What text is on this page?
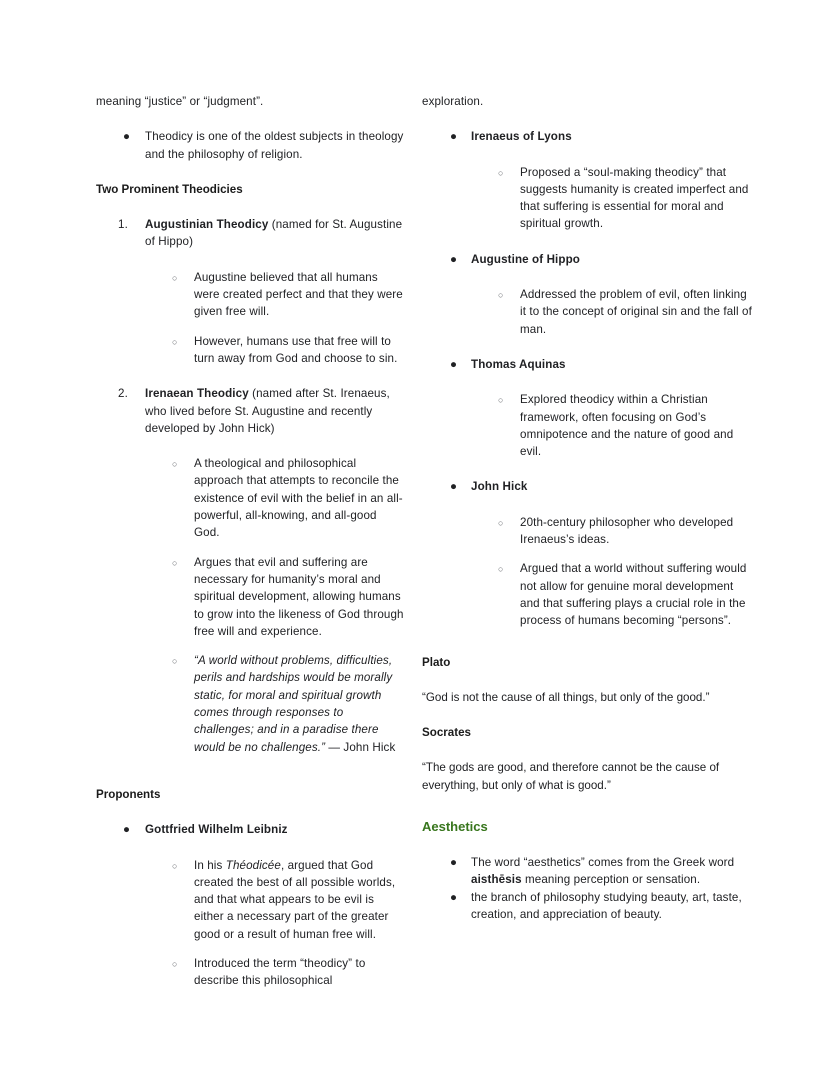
meaning “justice” or “judgment”.

●	Theodicy is one of the oldest subjects in theology and the philosophy of religion.
Two Prominent Theodicies
1.	Augustinian Theodicy (named for St. Augustine of Hippo)
○ Augustine believed that all humans were created perfect and that they were given free will.
○ However, humans use that free will to turn away from God and choose to sin.
2.	Irenaean Theodicy (named after St. Irenaeus, who lived before St. Augustine and recently developed by John Hick)
○ A theological and philosophical approach that attempts to reconcile the existence of evil with the belief in an all-powerful, all-knowing, and all-good God.
○ Argues that evil and suffering are necessary for humanity’s moral and spiritual development, allowing humans to grow into the likeness of God through free will and experience.
○ “A world without problems, difficulties, perils and hardships would be morally static, for moral and spiritual growth comes through responses to challenges; and in a paradise there would be no challenges.” — John Hick
Proponents
●	Gottfried Wilhelm Leibniz
○ In his Théodicée, argued that God created the best of all possible worlds, and that what appears to be evil is either a necessary part of the greater good or a result of human free will.
○ Introduced the term “theodicy” to describe this philosophical

exploration.

●	Irenaeus of Lyons
○ Proposed a “soul-making theodicy” that suggests humanity is created imperfect and that suffering is essential for moral and spiritual growth.
●	Augustine of Hippo
○ Addressed the problem of evil, often linking it to the concept of original sin and the fall of man.
●	Thomas Aquinas
○ Explored theodicy within a Christian framework, often focusing on God’s omnipotence and the nature of good and evil.
●	John Hick
○ 20th-century philosopher who developed Irenaeus’s ideas.
○ Argued that a world without suffering would not allow for genuine moral development and that suffering plays a crucial role in the process of humans becoming “persons”.
Plato

“God is not the cause of all things, but only of the good.”

Socrates

“The gods are good, and therefore cannot be the cause of everything, but only of what is good.”

Aesthetics
●	The word “aesthetics” comes from the Greek word aisthēsis meaning perception or sensation.
●	the branch of philosophy studying beauty, art, taste, creation, and appreciation of beauty.
